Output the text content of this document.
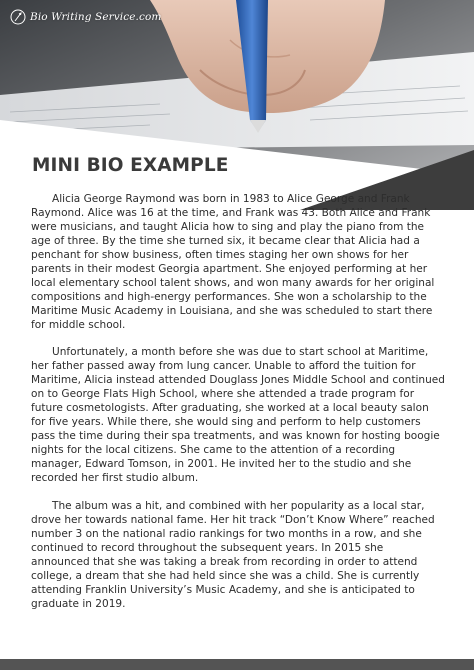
Bio Writing Service.com
MINI BIO EXAMPLE

Alicia George Raymond was born in 1983 to Alice George and Frank Raymond. Alice was 16 at the time, and Frank was 43. Both Alice and Frank were musicians, and taught Alicia how to sing and play the piano from the age of three. By the time she turned six, it became clear that Alicia had a penchant for show business, often times staging her own shows for her parents in their modest Georgia apartment. She enjoyed performing at her local elementary school talent shows, and won many awards for her original compositions and high-energy performances. She won a scholarship to the Maritime Music Academy in Louisiana, and she was scheduled to start there for middle school.

Unfortunately, a month before she was due to start school at Maritime, her father passed away from lung cancer. Unable to afford the tuition for Maritime, Alicia instead attended Douglass Jones Middle School and continued on to George Flats High School, where she attended a trade program for future cosmetologists. After graduating, she worked at a local beauty salon for five years. While there, she would sing and perform to help customers pass the time during their spa treatments, and was known for hosting boogie nights for the local citizens. She came to the attention of a recording manager, Edward Tomson, in 2001. He invited her to the studio and she recorded her first studio album.

The album was a hit, and combined with her popularity as a local star, drove her towards national fame. Her hit track “Don’t Know Where” reached number 3 on the national radio rankings for two months in a row, and she continued to record throughout the subsequent years. In 2015 she announced that she was taking a break from recording in order to attend college, a dream that she had held since she was a child. She is currently attending Franklin University’s Music Academy, and she is anticipated to graduate in 2019.
